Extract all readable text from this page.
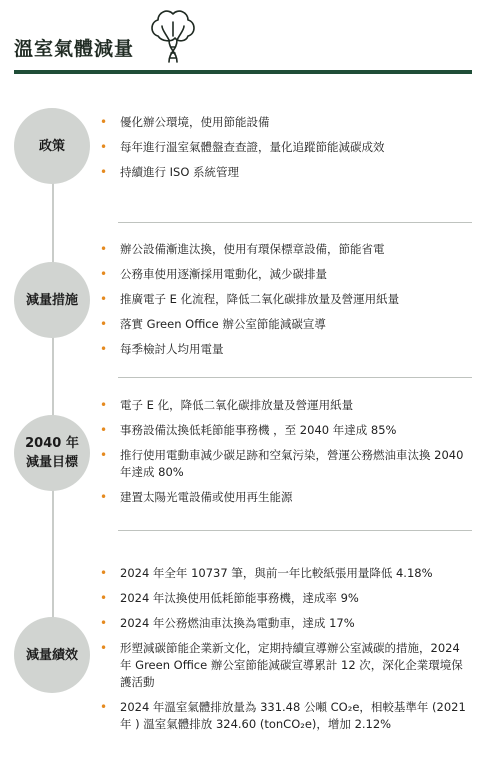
溫室氣體減量
政策
• 優化辦公環境，使用節能設備
• 每年進行溫室氣體盤查查證，量化追蹤節能減碳成效
• 持續進行 ISO 系統管理
減量措施
• 辦公設備漸進汰換，使用有環保標章設備，節能省電
• 公務車使用逐漸採用電動化，減少碳排量
• 推廣電子 E 化流程，降低二氧化碳排放量及營運用紙量
• 落實 Green Office 辦公室節能減碳宣導
• 每季檢討人均用電量
2040 年
減量目標
• 電子 E 化，降低二氧化碳排放量及營運用紙量
• 事務設備汰換低耗節能事務機 ，至 2040 年達成 85%
• 推行使用電動車減少碳足跡和空氣污染，營運公務燃油車汰換 2040 年達成 80%
• 建置太陽光電設備或使用再生能源
減量績效
• 2024 年全年 10737 筆，與前一年比較紙張用量降低 4.18%
• 2024 年汰換使用低耗節能事務機，達成率 9%
• 2024 年公務燃油車汰換為電動車，達成 17%
• 形塑減碳節能企業新文化，定期持續宣導辦公室減碳的措施，2024 年 Green Office 辦公室節能減碳宣導累計 12 次，深化企業環境保護活動
• 2024 年溫室氣體排放量為 331.48 公噸 CO₂e，相較基準年 (2021 年 ) 溫室氣體排放 324.60 (tonCO₂e)，增加 2.12%
